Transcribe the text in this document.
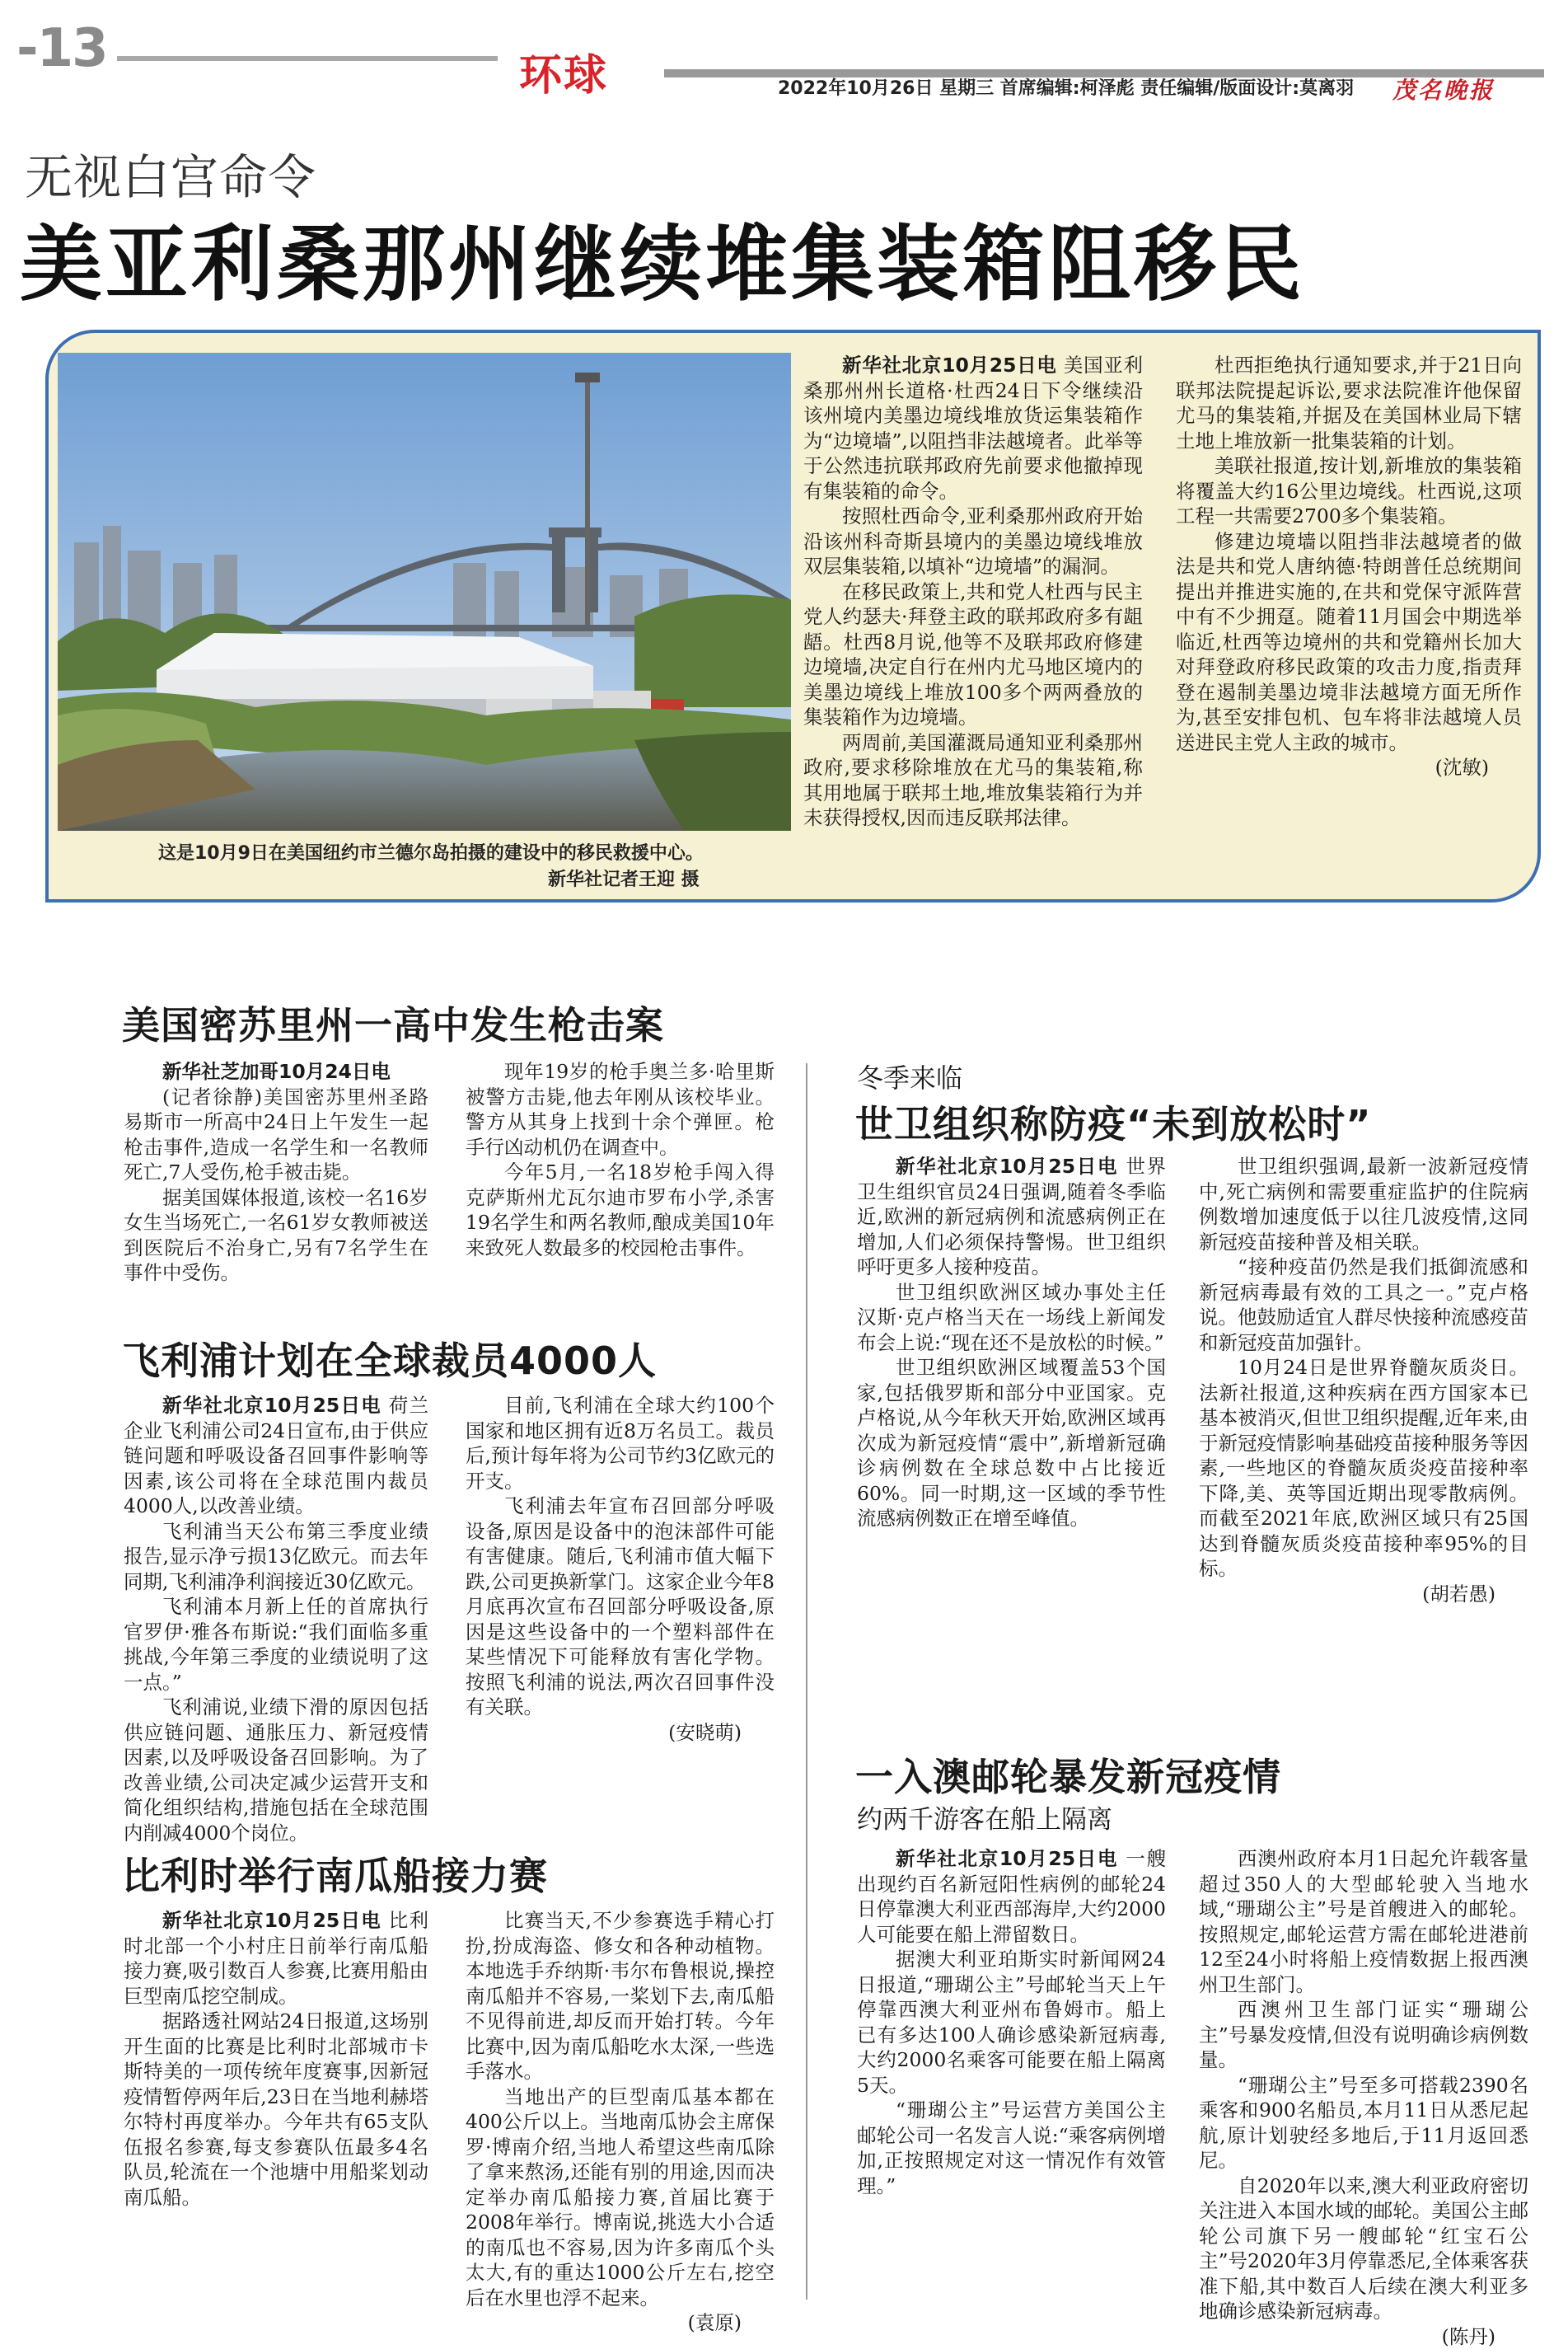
-13	环球	2022年10月26日 星期三 首席编辑:柯泽彪 责任编辑/版面设计:莫离羽 茂名晚报
无视白宫命令
美亚利桑那州继续堆集装箱阻移民
这是10月9日在美国纽约市兰德尔岛拍摄的建设中的移民救援中心。
新华社记者王迎 摄

新华社北京10月25日电 美国亚利桑那州州长道格·杜西24日下令继续沿该州境内美墨边境线堆放货运集装箱作为“边境墙”,以阻挡非法越境者。此举等于公然违抗联邦政府先前要求他撤掉现有集装箱的命令。

按照杜西命令,亚利桑那州政府开始沿该州科奇斯县境内的美墨边境线堆放双层集装箱,以填补“边境墙”的漏洞。

在移民政策上,共和党人杜西与民主党人约瑟夫·拜登主政的联邦政府多有龃龉。杜西8月说,他等不及联邦政府修建边境墙,决定自行在州内尤马地区境内的美墨边境线上堆放100多个两两叠放的集装箱作为边境墙。

两周前,美国灌溉局通知亚利桑那州政府,要求移除堆放在尤马的集装箱,称其用地属于联邦土地,堆放集装箱行为并未获得授权,因而违反联邦法律。

杜西拒绝执行通知要求,并于21日向联邦法院提起诉讼,要求法院准许他保留尤马的集装箱,并据及在美国林业局下辖土地上堆放新一批集装箱的计划。

美联社报道,按计划,新堆放的集装箱将覆盖大约16公里边境线。杜西说,这项工程一共需要2700多个集装箱。

修建边境墙以阻挡非法越境者的做法是共和党人唐纳德·特朗普任总统期间提出并推进实施的,在共和党保守派阵营中有不少拥趸。随着11月国会中期选举临近,杜西等边境州的共和党籍州长加大对拜登政府移民政策的攻击力度,指责拜登在遏制美墨边境非法越境方面无所作为,甚至安排包机、包车将非法越境人员送进民主党人主政的城市。

(沈敏)

美国密苏里州一高中发生枪击案

新华社芝加哥10月24日电

(记者徐静)美国密苏里州圣路易斯市一所高中24日上午发生一起枪击事件,造成一名学生和一名教师死亡,7人受伤,枪手被击毙。

据美国媒体报道,该校一名16岁女生当场死亡,一名61岁女教师被送到医院后不治身亡,另有7名学生在事件中受伤。

现年19岁的枪手奥兰多·哈里斯被警方击毙,他去年刚从该校毕业。警方从其身上找到十余个弹匣。枪手行凶动机仍在调查中。

今年5月,一名18岁枪手闯入得克萨斯州尤瓦尔迪市罗布小学,杀害19名学生和两名教师,酿成美国10年来致死人数最多的校园枪击事件。

飞利浦计划在全球裁员4000人

新华社北京10月25日电 荷兰企业飞利浦公司24日宣布,由于供应链问题和呼吸设备召回事件影响等因素,该公司将在全球范围内裁员4000人,以改善业绩。

飞利浦当天公布第三季度业绩报告,显示净亏损13亿欧元。而去年同期,飞利浦净利润接近30亿欧元。

飞利浦本月新上任的首席执行官罗伊·雅各布斯说:“我们面临多重挑战,今年第三季度的业绩说明了这一点。”

飞利浦说,业绩下滑的原因包括供应链问题、通胀压力、新冠疫情因素,以及呼吸设备召回影响。为了改善业绩,公司决定减少运营开支和简化组织结构,措施包括在全球范围内削减4000个岗位。

目前,飞利浦在全球大约100个国家和地区拥有近8万名员工。裁员后,预计每年将为公司节约3亿欧元的开支。

飞利浦去年宣布召回部分呼吸设备,原因是设备中的泡沫部件可能有害健康。随后,飞利浦市值大幅下跌,公司更换新掌门。这家企业今年8月底再次宣布召回部分呼吸设备,原因是这些设备中的一个塑料部件在某些情况下可能释放有害化学物。按照飞利浦的说法,两次召回事件没有关联。

(安晓萌)

比利时举行南瓜船接力赛

新华社北京10月25日电 比利时北部一个小村庄日前举行南瓜船接力赛,吸引数百人参赛,比赛用船由巨型南瓜挖空制成。

据路透社网站24日报道,这场别开生面的比赛是比利时北部城市卡斯特美的一项传统年度赛事,因新冠疫情暂停两年后,23日在当地利赫塔尔特村再度举办。今年共有65支队伍报名参赛,每支参赛队伍最多4名队员,轮流在一个池塘中用船桨划动南瓜船。

比赛当天,不少参赛选手精心打扮,扮成海盗、修女和各种动植物。本地选手乔纳斯·韦尔布鲁根说,操控南瓜船并不容易,一桨划下去,南瓜船不见得前进,却反而开始打转。今年比赛中,因为南瓜船吃水太深,一些选手落水。

当地出产的巨型南瓜基本都在400公斤以上。当地南瓜协会主席保罗·博南介绍,当地人希望这些南瓜除了拿来熬汤,还能有别的用途,因而决定举办南瓜船接力赛,首届比赛于2008年举行。博南说,挑选大小合适的南瓜也不容易,因为许多南瓜个头太大,有的重达1000公斤左右,挖空后在水里也浮不起来。

(袁原)

冬季来临
世卫组织称防疫“未到放松时”

新华社北京10月25日电 世界卫生组织官员24日强调,随着冬季临近,欧洲的新冠病例和流感病例正在增加,人们必须保持警惕。世卫组织呼吁更多人接种疫苗。

世卫组织欧洲区域办事处主任汉斯·克卢格当天在一场线上新闻发布会上说:“现在还不是放松的时候。”

世卫组织欧洲区域覆盖53个国家,包括俄罗斯和部分中亚国家。克卢格说,从今年秋天开始,欧洲区域再次成为新冠疫情“震中”,新增新冠确诊病例数在全球总数中占比接近60%。同一时期,这一区域的季节性流感病例数正在增至峰值。

世卫组织强调,最新一波新冠疫情中,死亡病例和需要重症监护的住院病例数增加速度低于以往几波疫情,这同新冠疫苗接种普及相关联。

“接种疫苗仍然是我们抵御流感和新冠病毒最有效的工具之一。”克卢格说。他鼓励适宜人群尽快接种流感疫苗和新冠疫苗加强针。

10月24日是世界脊髓灰质炎日。法新社报道,这种疾病在西方国家本已基本被消灭,但世卫组织提醒,近年来,由于新冠疫情影响基础疫苗接种服务等因素,一些地区的脊髓灰质炎疫苗接种率下降,美、英等国近期出现零散病例。而截至2021年底,欧洲区域只有25国达到脊髓灰质炎疫苗接种率95%的目标。

(胡若愚)

一入澳邮轮暴发新冠疫情
约两千游客在船上隔离

新华社北京10月25日电 一艘出现约百名新冠阳性病例的邮轮24日停靠澳大利亚西部海岸,大约2000人可能要在船上滞留数日。

据澳大利亚珀斯实时新闻网24日报道,“珊瑚公主”号邮轮当天上午停靠西澳大利亚州布鲁姆市。船上已有多达100人确诊感染新冠病毒,大约2000名乘客可能要在船上隔离5天。

“珊瑚公主”号运营方美国公主邮轮公司一名发言人说:“乘客病例增加,正按照规定对这一情况作有效管理。”

西澳州政府本月1日起允许载客量超过350人的大型邮轮驶入当地水域,“珊瑚公主”号是首艘进入的邮轮。按照规定,邮轮运营方需在邮轮进港前12至24小时将船上疫情数据上报西澳州卫生部门。

西澳州卫生部门证实“珊瑚公主”号暴发疫情,但没有说明确诊病例数量。

“珊瑚公主”号至多可搭载2390名乘客和900名船员,本月11日从悉尼起航,原计划驶经多地后,于11月返回悉尼。

自2020年以来,澳大利亚政府密切关注进入本国水域的邮轮。美国公主邮轮公司旗下另一艘邮轮“红宝石公主”号2020年3月停靠悉尼,全体乘客获准下船,其中数百人后续在澳大利亚多地确诊感染新冠病毒。

(陈丹)
